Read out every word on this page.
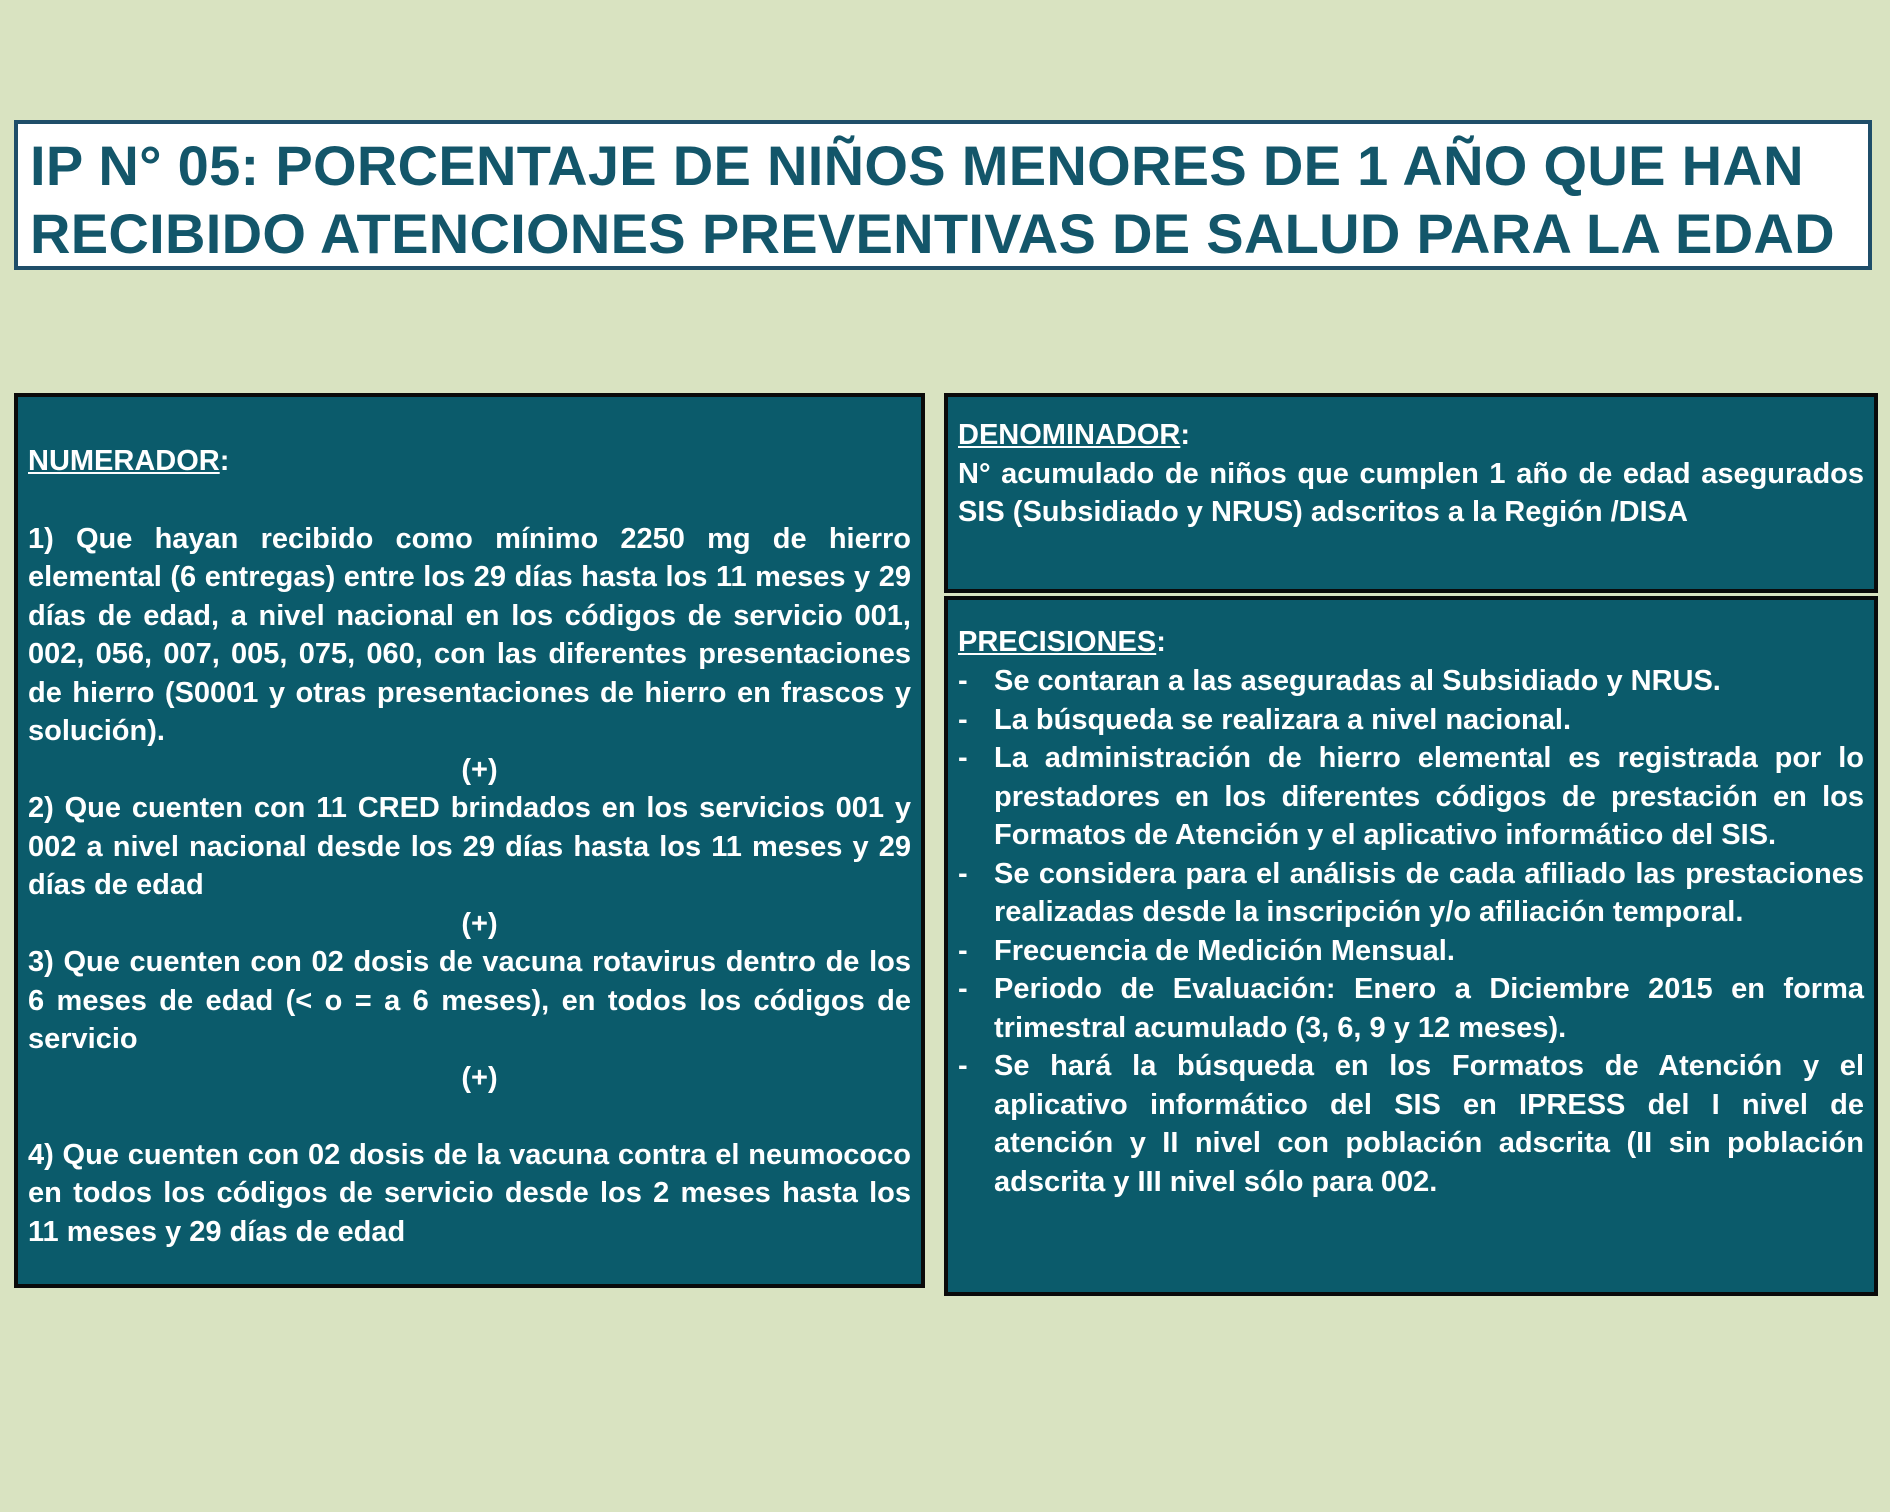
IP N° 05: PORCENTAJE DE NIÑOS MENORES DE 1 AÑO QUE HAN
RECIBIDO ATENCIONES PREVENTIVAS DE SALUD PARA LA EDAD
NUMERADOR:
1) Que hayan recibido como mínimo 2250 mg de hierro elemental (6 entregas) entre los 29 días hasta los 11 meses y 29 días de edad, a nivel nacional en los códigos de servicio 001, 002, 056, 007, 005, 075, 060, con las diferentes presentaciones de hierro (S0001 y otras presentaciones de hierro en frascos y solución).
(+)
2) Que cuenten con 11 CRED brindados en los servicios 001 y 002 a nivel nacional desde los 29 días hasta los 11 meses y 29 días de edad
(+)
3) Que cuenten con 02 dosis de vacuna rotavirus dentro de los 6 meses de edad (< o = a 6 meses), en todos los códigos de servicio
(+)
4) Que cuenten con 02 dosis de la vacuna contra el neumococo en todos los códigos de servicio desde los 2 meses hasta los 11 meses y 29 días de edad
DENOMINADOR:
N° acumulado de niños que cumplen 1 año de edad asegurados SIS (Subsidiado y NRUS) adscritos a la Región /DISA
PRECISIONES:
- Se contaran a las aseguradas al Subsidiado y NRUS.
- La búsqueda se realizara a nivel nacional.
- La administración de hierro elemental es registrada por lo prestadores en los diferentes códigos de prestación en los Formatos de Atención y el aplicativo informático del SIS.
- Se considera para el análisis de cada afiliado las prestaciones realizadas desde la inscripción y/o afiliación temporal.
- Frecuencia de Medición Mensual.
- Periodo de Evaluación: Enero a Diciembre 2015 en forma trimestral acumulado (3, 6, 9 y 12 meses).
- Se hará la búsqueda en los Formatos de Atención y el aplicativo informático del SIS en IPRESS del I nivel de atención y II nivel con población adscrita (II sin población adscrita y III nivel sólo para 002.
